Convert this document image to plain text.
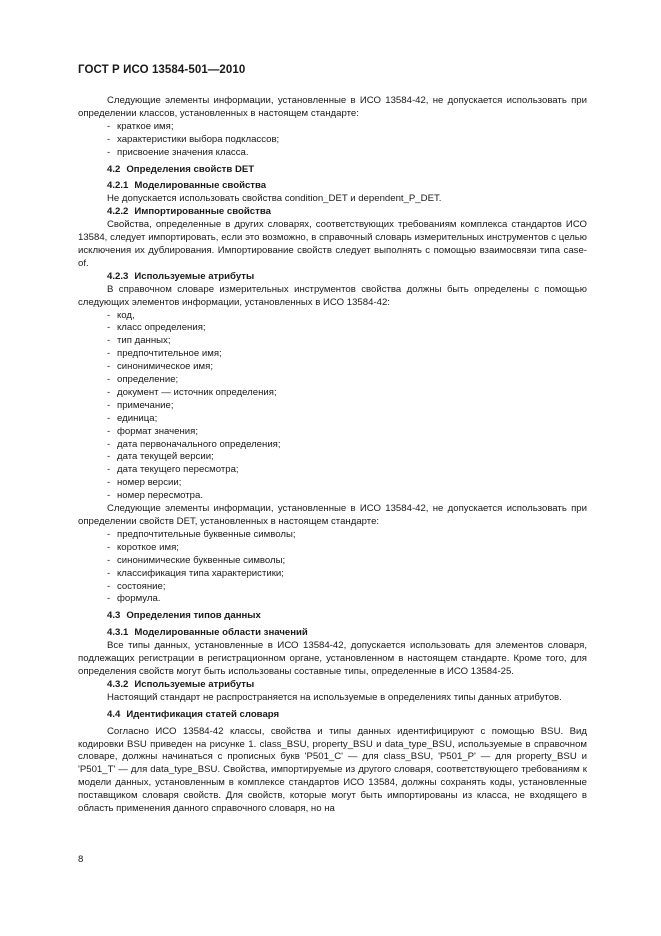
ГОСТ Р ИСО 13584-501—2010

Следующие элементы информации, установленные в ИСО 13584-42, не допускается использовать при определении классов, установленных в настоящем стандарте:

- краткое имя;
- характеристики выбора подклассов;
- присвоение значения класса.

4.2 Определения свойств DET

4.2.1 Моделированные свойства

Не допускается использовать свойства condition_DET и dependent_P_DET.

4.2.2 Импортированные свойства

Свойства, определенные в других словарях, соответствующих требованиям комплекса стандартов ИСО 13584, следует импортировать, если это возможно, в справочный словарь измерительных инструментов с целью исключения их дублирования. Импортирование свойств следует выполнять с помощью взаимосвязи типа case-of.

4.2.3 Используемые атрибуты

В справочном словаре измерительных инструментов свойства должны быть определены с помощью следующих элементов информации, установленных в ИСО 13584-42:

- код,
- класс определения;
- тип данных;
- предпочтительное имя;
- синонимическое имя;
- определение;
- документ — источник определения;
- примечание;
- единица;
- формат значения;
- дата первоначального определения;
- дата текущей версии;
- дата текущего пересмотра;
- номер версии;
- номер пересмотра.

Следующие элементы информации, установленные в ИСО 13584-42, не допускается использовать при определении свойств DET, установленных в настоящем стандарте:

- предпочтительные буквенные символы;
- короткое имя;
- синонимические буквенные символы;
- классификация типа характеристики;
- состояние;
- формула.

4.3 Определения типов данных

4.3.1 Моделированные области значений

Все типы данных, установленные в ИСО 13584-42, допускается использовать для элементов словаря, подлежащих регистрации в регистрационном органе, установленном в настоящем стандарте. Кроме того, для определения свойств могут быть использованы составные типы, определенные в ИСО 13584-25.

4.3.2 Используемые атрибуты

Настоящий стандарт не распространяется на используемые в определениях типы данных атрибутов.

4.4 Идентификация статей словаря

Согласно ИСО 13584-42 классы, свойства и типы данных идентифицируют с помощью BSU. Вид кодировки BSU приведен на рисунке 1. class_BSU, property_BSU и data_type_BSU, используемые в справочном словаре, должны начинаться с прописных букв 'P501_C' — для class_BSU, 'P501_P' — для property_BSU и 'P501_T' — для data_type_BSU. Свойства, импортируемые из другого словаря, соответствующего требованиям к модели данных, установленным в комплексе стандартов ИСО 13584, должны сохранять коды, установленные поставщиком словаря свойств. Для свойств, которые могут быть импортированы из класса, не входящего в область применения данного справочного словаря, но на

8
